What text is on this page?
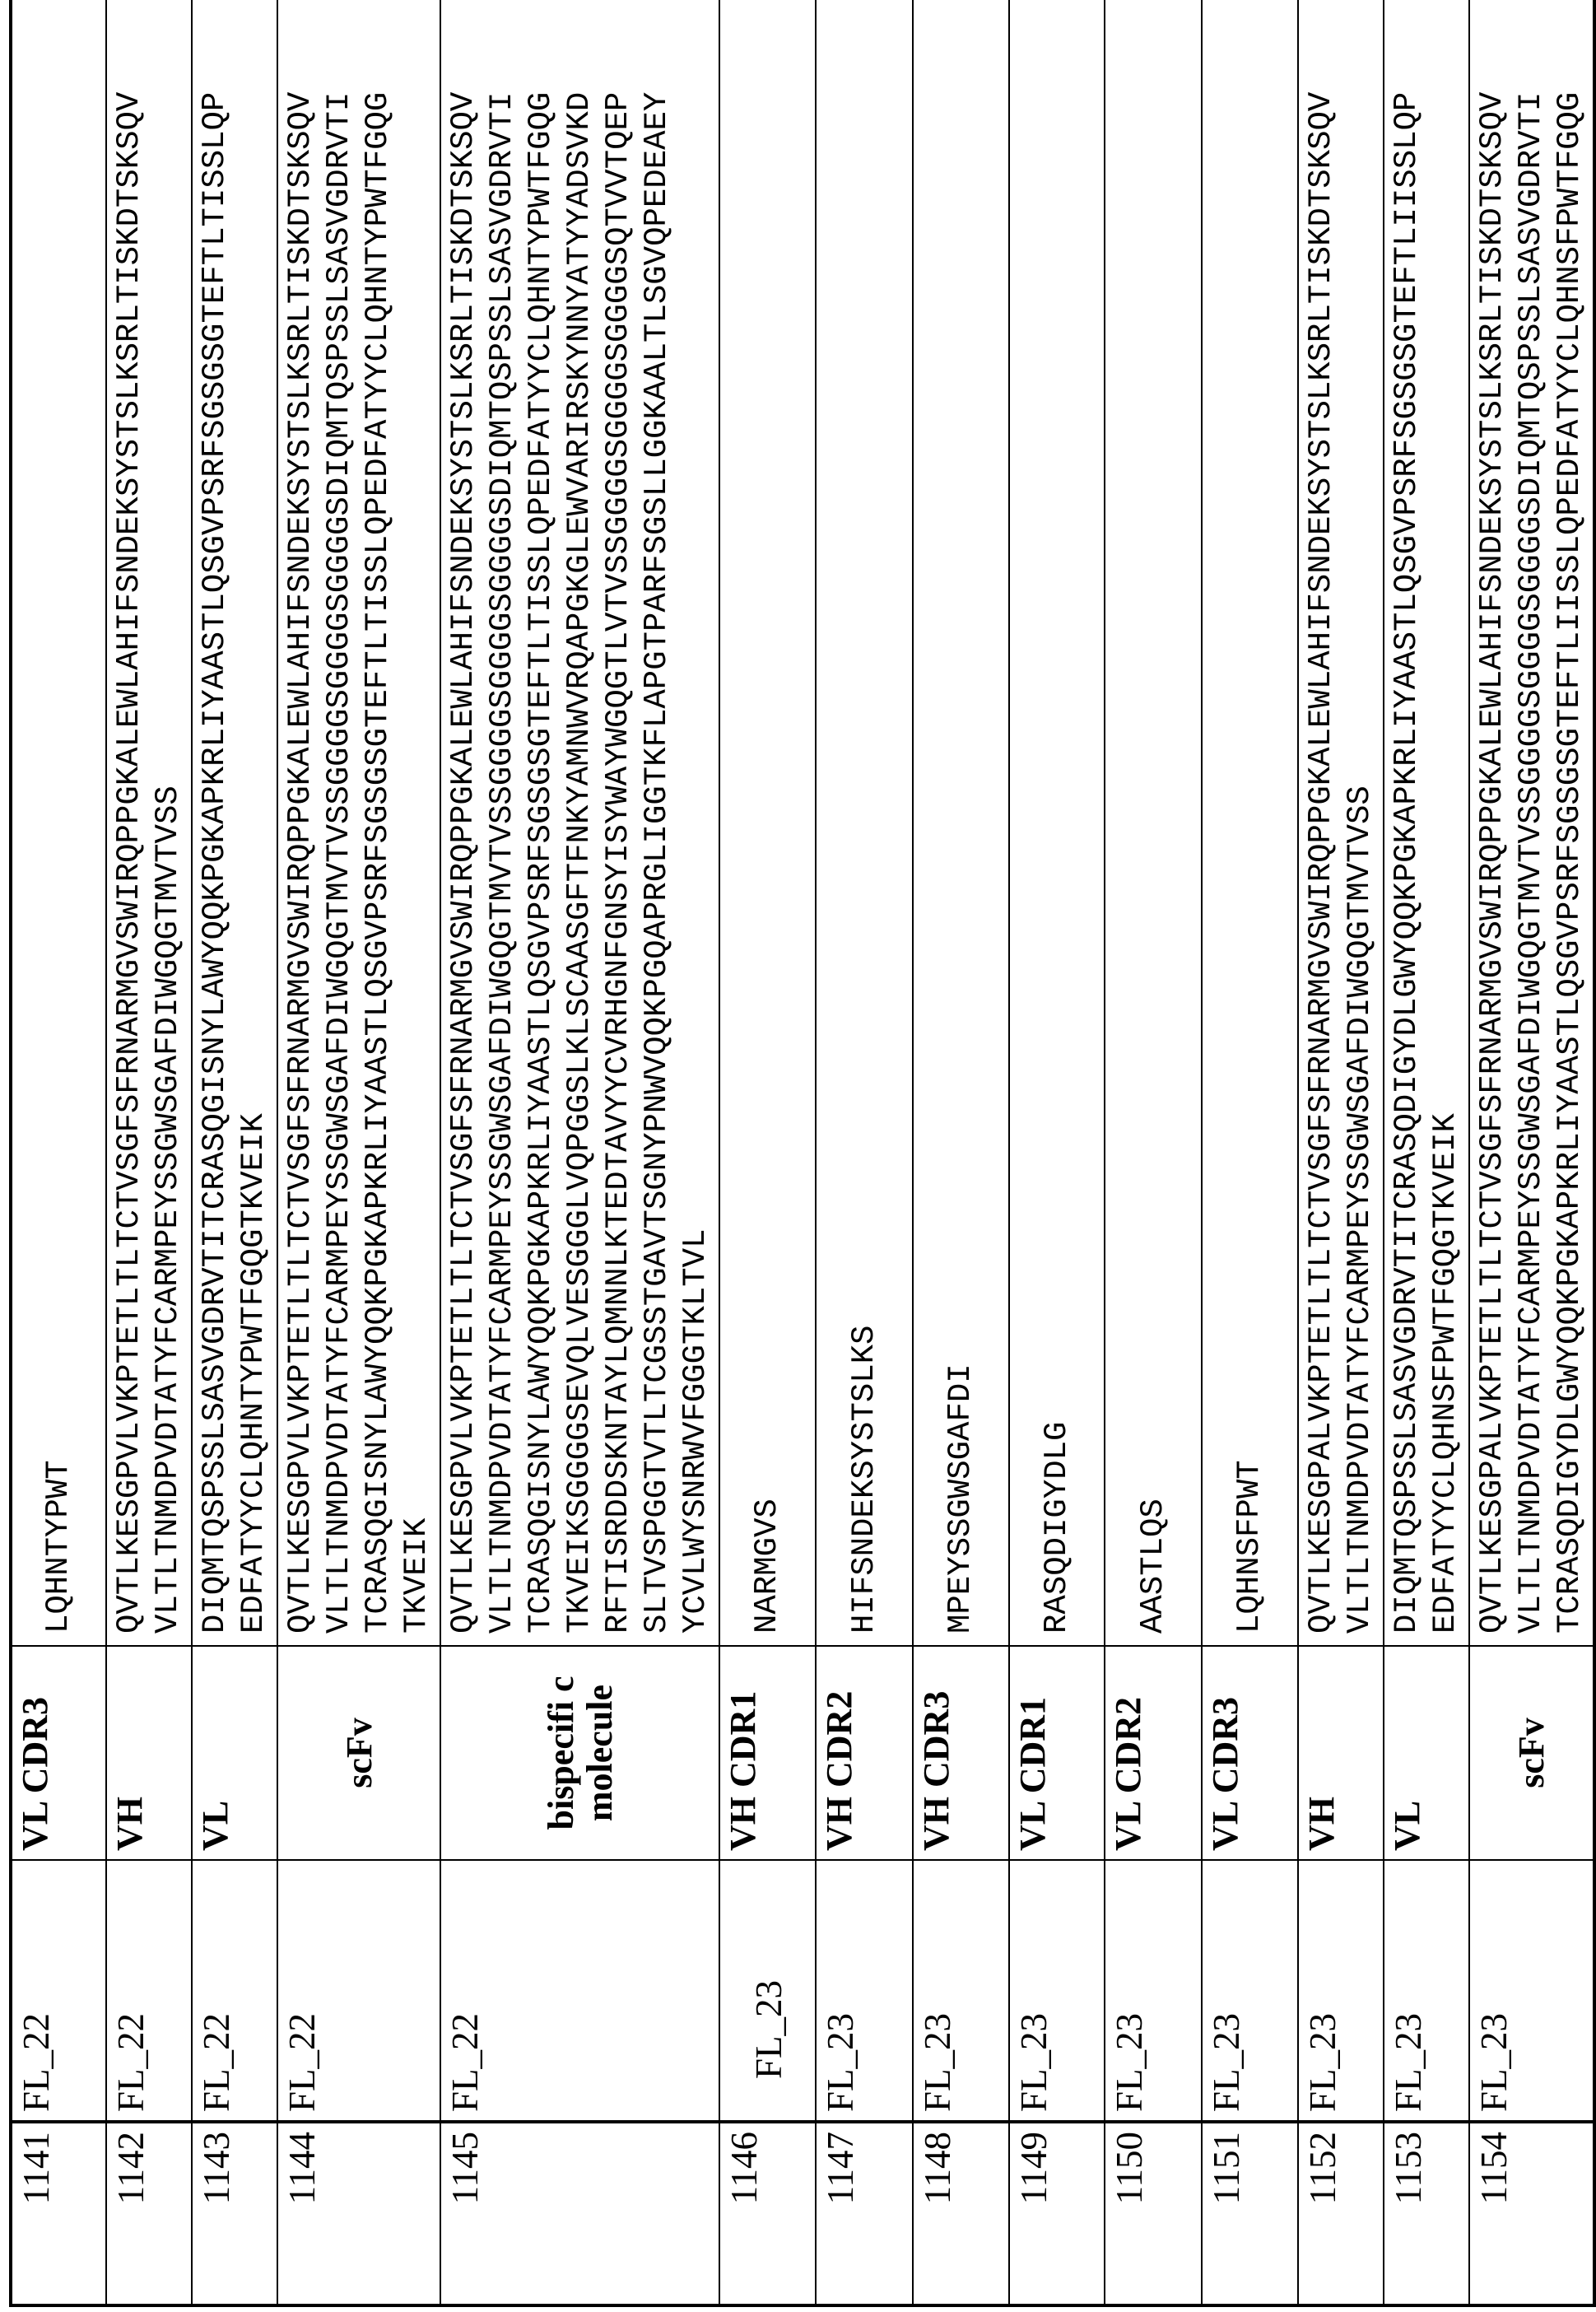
1141	FL_22	VL CDR3	
LQHNTYPWT

1142	FL_22	VH	
QVTLKESGPVLVKPTETLTLTCTVSGFSFRNARMGVSWIRQPPGKALEWLAHIFSNDEKSYSTSLKSRLTISKDTSKSQV VLTLTNMDPVDTATYFCARMPEYSSGWSGAFDIWGQGTMVTVSS

1143	FL_22	VL	
DIQMTQSPSSLSASVGDRVTITCRASQGISNYLAWYQQKPGKAPKRLIYAASTLQSGVPSRFSGSGSGTEFTLTISSLQP EDFATYYCLQHNTYPWTFGQGTKVEIK

1144	FL_22	scFv	
QVTLKESGPVLVKPTETLTLTCTVSGFSFRNARMGVSWIRQPPGKALEWLAHIFSNDEKSYSTSLKSRLTISKDTSKSQV VLTLTNMDPVDTATYFCARMPEYSSGWSGAFDIWGQGTMVTVSSGGGGSGGGGSGGGGSDIQMTQSPSSLSASVGDRVTI TCRASQGISNYLAWYQQKPGKAPKRLIYAASTLQSGVPSRFSGSGSGTEFTLTISSLQPEDFATYYCLQHNTYPWTFGQG TKVEIK

1145	FL_22	bispecifi c molecule	
QVTLKESGPVLVKPTETLTLTCTVSGFSFRNARMGVSWIRQPPGKALEWLAHIFSNDEKSYSTSLKSRLTISKDTSKSQV VLTLTNMDPVDTATYFCARMPEYSSGWSGAFDIWGQGTMVTVSSGGGGSGGGGSGGGGSDIQMTQSPSSLSASVGDRVTI TCRASQGISNYLAWYQQKPGKAPKRLIYAASTLQSGVPSRFSGSGSGTEFTLTISSLQPEDFATYYCLQHNTYPWTFGQG TKVEIKSGGGGSEVQLVESGGGLVQPGGSLKLSCAASGFTFNKYAMNWVRQAPGKGLEWVARIRSKYNNYATYYADSVKD RFTISRDDSKNTAYLQMNNLKTEDTAVYYCVRHGNFGNSYISYWAYWGQGTLVTVSSGGGGSGGGGSGGGGSQTVVTQEP SLTVSPGGTVTLTCGSSTGAVTSGNYPNWVQQKPGQAPRGLIGGTKFLAPGTPARFSGSLLGGKAALTLSGVQPEDEAEY YCVLWYSNRWVFGGGTKLTVL

1146	
FL_23
	VH CDR1	
NARMGVS

1147	FL_23	VH CDR2	
HIFSNDEKSYSTSLKS

1148	FL_23	VH CDR3	
MPEYSSGWSGAFDI

1149	FL_23	VL CDR1	
RASQDIGYDLG

1150	FL_23	VL CDR2	
AASTLQS

1151	FL_23	VL CDR3	
LQHNSFPWT

1152	FL_23	VH	
QVTLKESGPALVKPTETLTLTCTVSGFSFRNARMGVSWIRQPPGKALEWLAHIFSNDEKSYSTSLKSRLTISKDTSKSQV VLTLTNMDPVDTATYFCARMPEYSSGWSGAFDIWGQGTMVTVSS

1153	FL_23	VL	
DIQMTQSPSSLSASVGDRVTITCRASQDIGYDLGWYQQKPGKAPKRLIYAASTLQSGVPSRFSGSGSGTEFTLIISSLQP EDFATYYCLQHNSFPWTFGQGTKVEIK

1154	FL_23	scFv	
QVTLKESGPALVKPTETLTLTCTVSGFSFRNARMGVSWIRQPPGKALEWLAHIFSNDEKSYSTSLKSRLTISKDTSKSQV VLTLTNMDPVDTATYFCARMPEYSSGWSGAFDIWGQGTMVTVSSGGGGSGGGGSGGGGSDIQMTQSPSSLSASVGDRVTI TCRASQDIGYDLGWYQQKPGKAPKRLIYAASTLQSGVPSRFSGSGSGTEFTLIISSLQPEDFATYYCLQHNSFPWTFGQG
